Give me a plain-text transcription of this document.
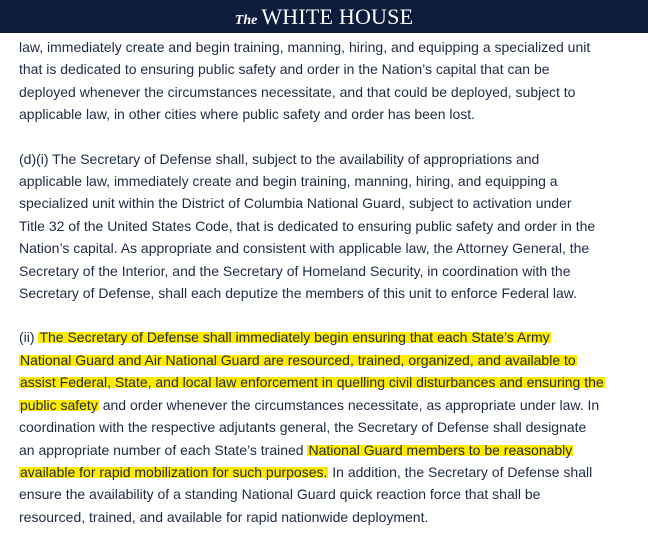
The WHITE HOUSE

law, immediately create and begin training, manning, hiring, and equipping a specialized unit
that is dedicated to ensuring public safety and order in the Nation’s capital that can be
deployed whenever the circumstances necessitate, and that could be deployed, subject to
applicable law, in other cities where public safety and order has been lost.

(d)(i) The Secretary of Defense shall, subject to the availability of appropriations and
applicable law, immediately create and begin training, manning, hiring, and equipping a
specialized unit within the District of Columbia National Guard, subject to activation under
Title 32 of the United States Code, that is dedicated to ensuring public safety and order in the
Nation’s capital. As appropriate and consistent with applicable law, the Attorney General, the
Secretary of the Interior, and the Secretary of Homeland Security, in coordination with the
Secretary of Defense, shall each deputize the members of this unit to enforce Federal law.

(ii) The Secretary of Defense shall immediately begin ensuring that each State’s Army
National Guard and Air National Guard are resourced, trained, organized, and available to
assist Federal, State, and local law enforcement in quelling civil disturbances and ensuring the
public safety and order whenever the circumstances necessitate, as appropriate under law. In
coordination with the respective adjutants general, the Secretary of Defense shall designate
an appropriate number of each State’s trained National Guard members to be reasonably
available for rapid mobilization for such purposes. In addition, the Secretary of Defense shall
ensure the availability of a standing National Guard quick reaction force that shall be
resourced, trained, and available for rapid nationwide deployment.
